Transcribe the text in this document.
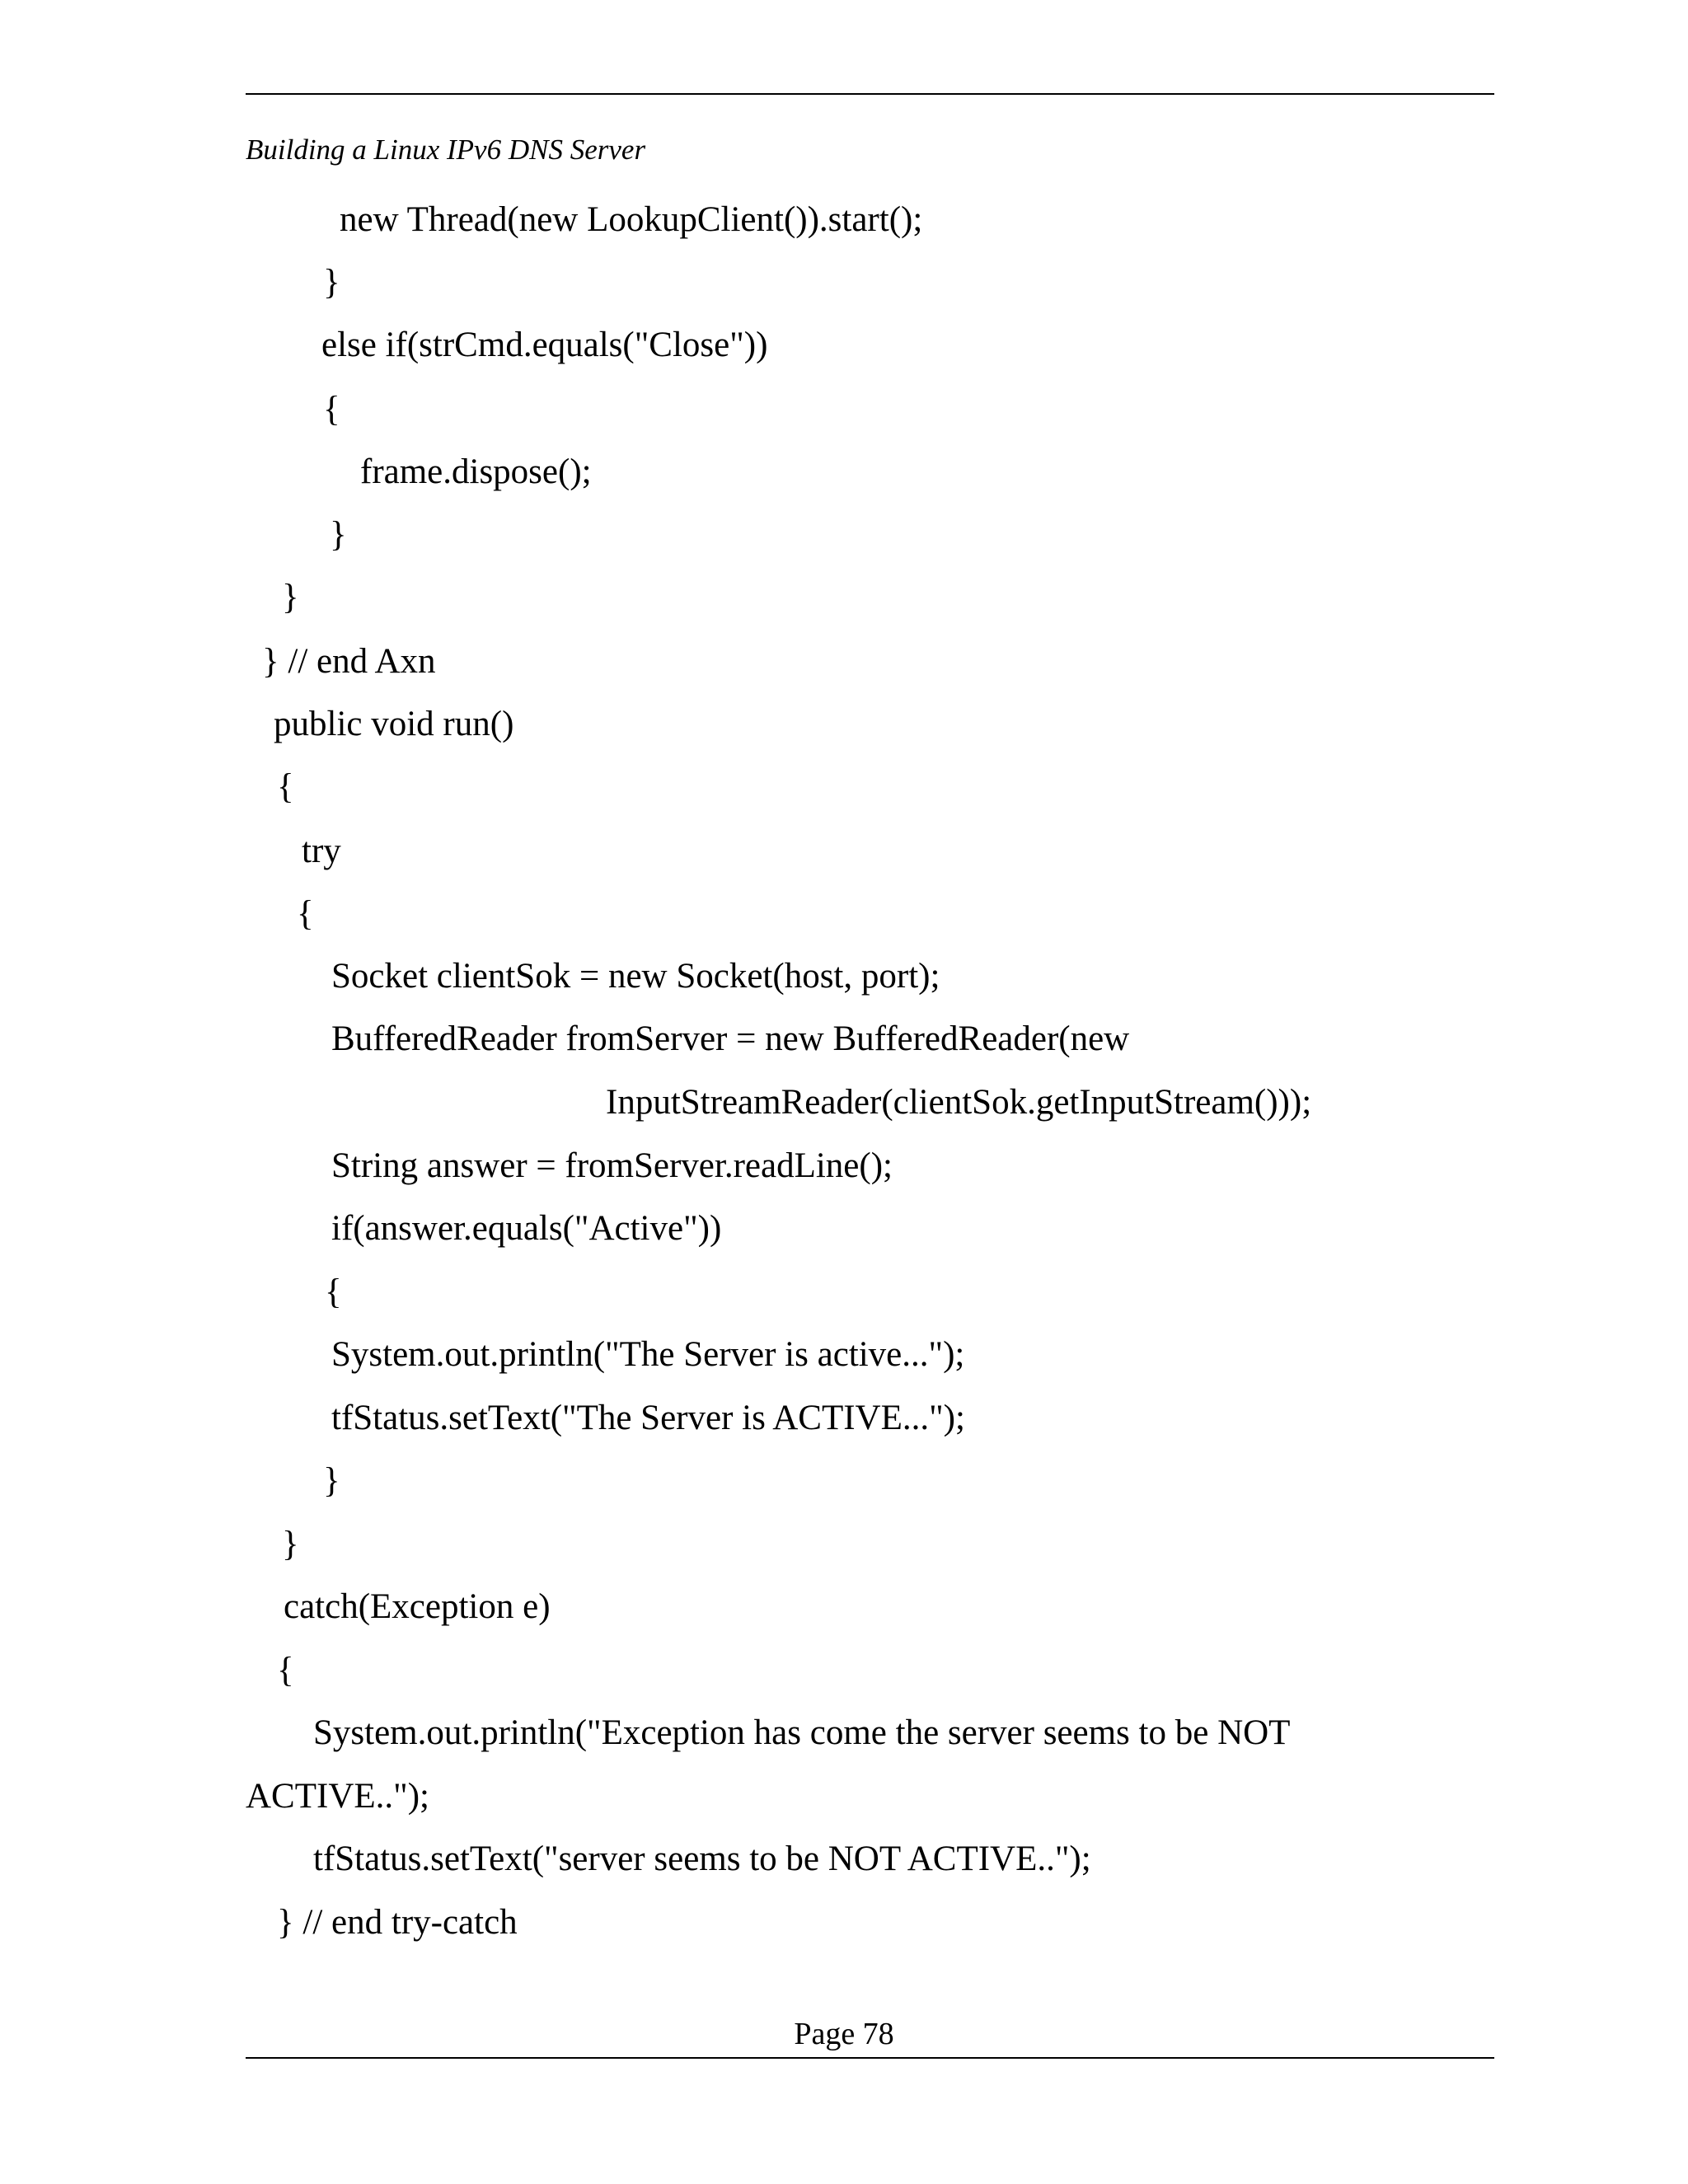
Building a Linux IPv6 DNS Server
new Thread(new LookupClient()).start();
}
else if(strCmd.equals("Close"))
{
frame.dispose();
}
}
} // end Axn
public void run()
{
try
{
Socket clientSok = new Socket(host, port);
BufferedReader fromServer = new BufferedReader(new
InputStreamReader(clientSok.getInputStream()));
String answer = fromServer.readLine();
if(answer.equals("Active"))
{
System.out.println("The Server is active...");
tfStatus.setText("The Server is ACTIVE...");
}
}
catch(Exception e)
{
System.out.println("Exception has come the server seems to be NOT
ACTIVE..");
tfStatus.setText("server seems to be NOT ACTIVE..");
} // end try-catch
Page 78
